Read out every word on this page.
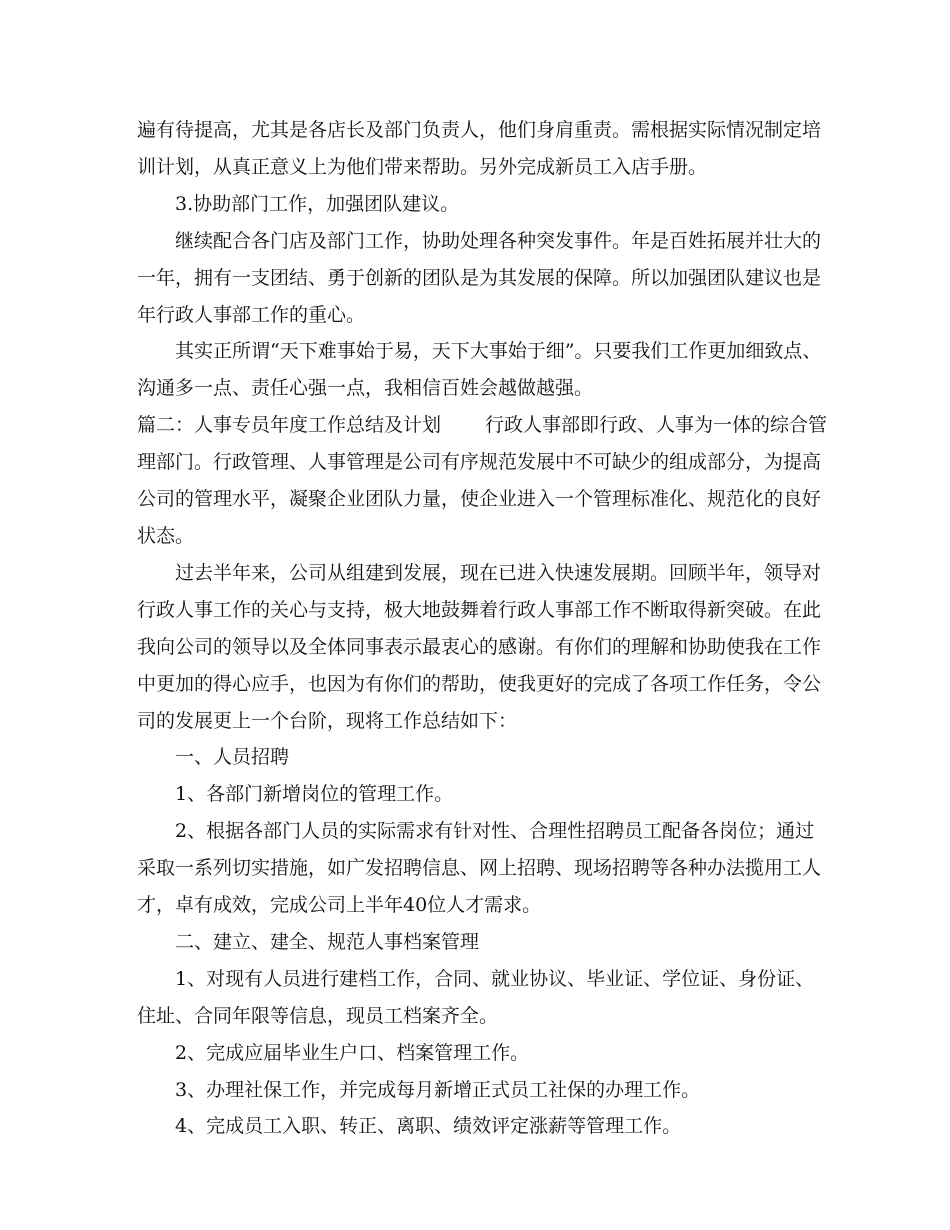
遍有待提高，尤其是各店长及部门负责人，他们身肩重责。需根据实际情况制定培
训计划，从真正意义上为他们带来帮助。另外完成新员工入店手册。

3.协助部门工作，加强团队建议。

继续配合各门店及部门工作，协助处理各种突发事件。年是百姓拓展并壮大的
一年，拥有一支团结、勇于创新的团队是为其发展的保障。所以加强团队建议也是
年行政人事部工作的重心。

其实正所谓“天下难事始于易，天下大事始于细”。只要我们工作更加细致点、
沟通多一点、责任心强一点，我相信百姓会越做越强。

篇二：人事专员年度工作总结及计划 行政人事部即行政、人事为一体的综合管
理部门。行政管理、人事管理是公司有序规范发展中不可缺少的组成部分，为提高
公司的管理水平，凝聚企业团队力量，使企业进入一个管理标准化、规范化的良好
状态。

过去半年来，公司从组建到发展，现在已进入快速发展期。回顾半年，领导对
行政人事工作的关心与支持，极大地鼓舞着行政人事部工作不断取得新突破。在此
我向公司的领导以及全体同事表示最衷心的感谢。有你们的理解和协助使我在工作
中更加的得心应手，也因为有你们的帮助，使我更好的完成了各项工作任务，令公
司的发展更上一个台阶，现将工作总结如下：

一、人员招聘

1、各部门新增岗位的管理工作。

2、根据各部门人员的实际需求有针对性、合理性招聘员工配备各岗位；通过
采取一系列切实措施，如广发招聘信息、网上招聘、现场招聘等各种办法揽用工人
才，卓有成效，完成公司上半年40位人才需求。

二、建立、建全、规范人事档案管理

1、对现有人员进行建档工作，合同、就业协议、毕业证、学位证、身份证、
住址、合同年限等信息，现员工档案齐全。

2、完成应届毕业生户口、档案管理工作。

3、办理社保工作，并完成每月新增正式员工社保的办理工作。

4、完成员工入职、转正、离职、绩效评定涨薪等管理工作。
